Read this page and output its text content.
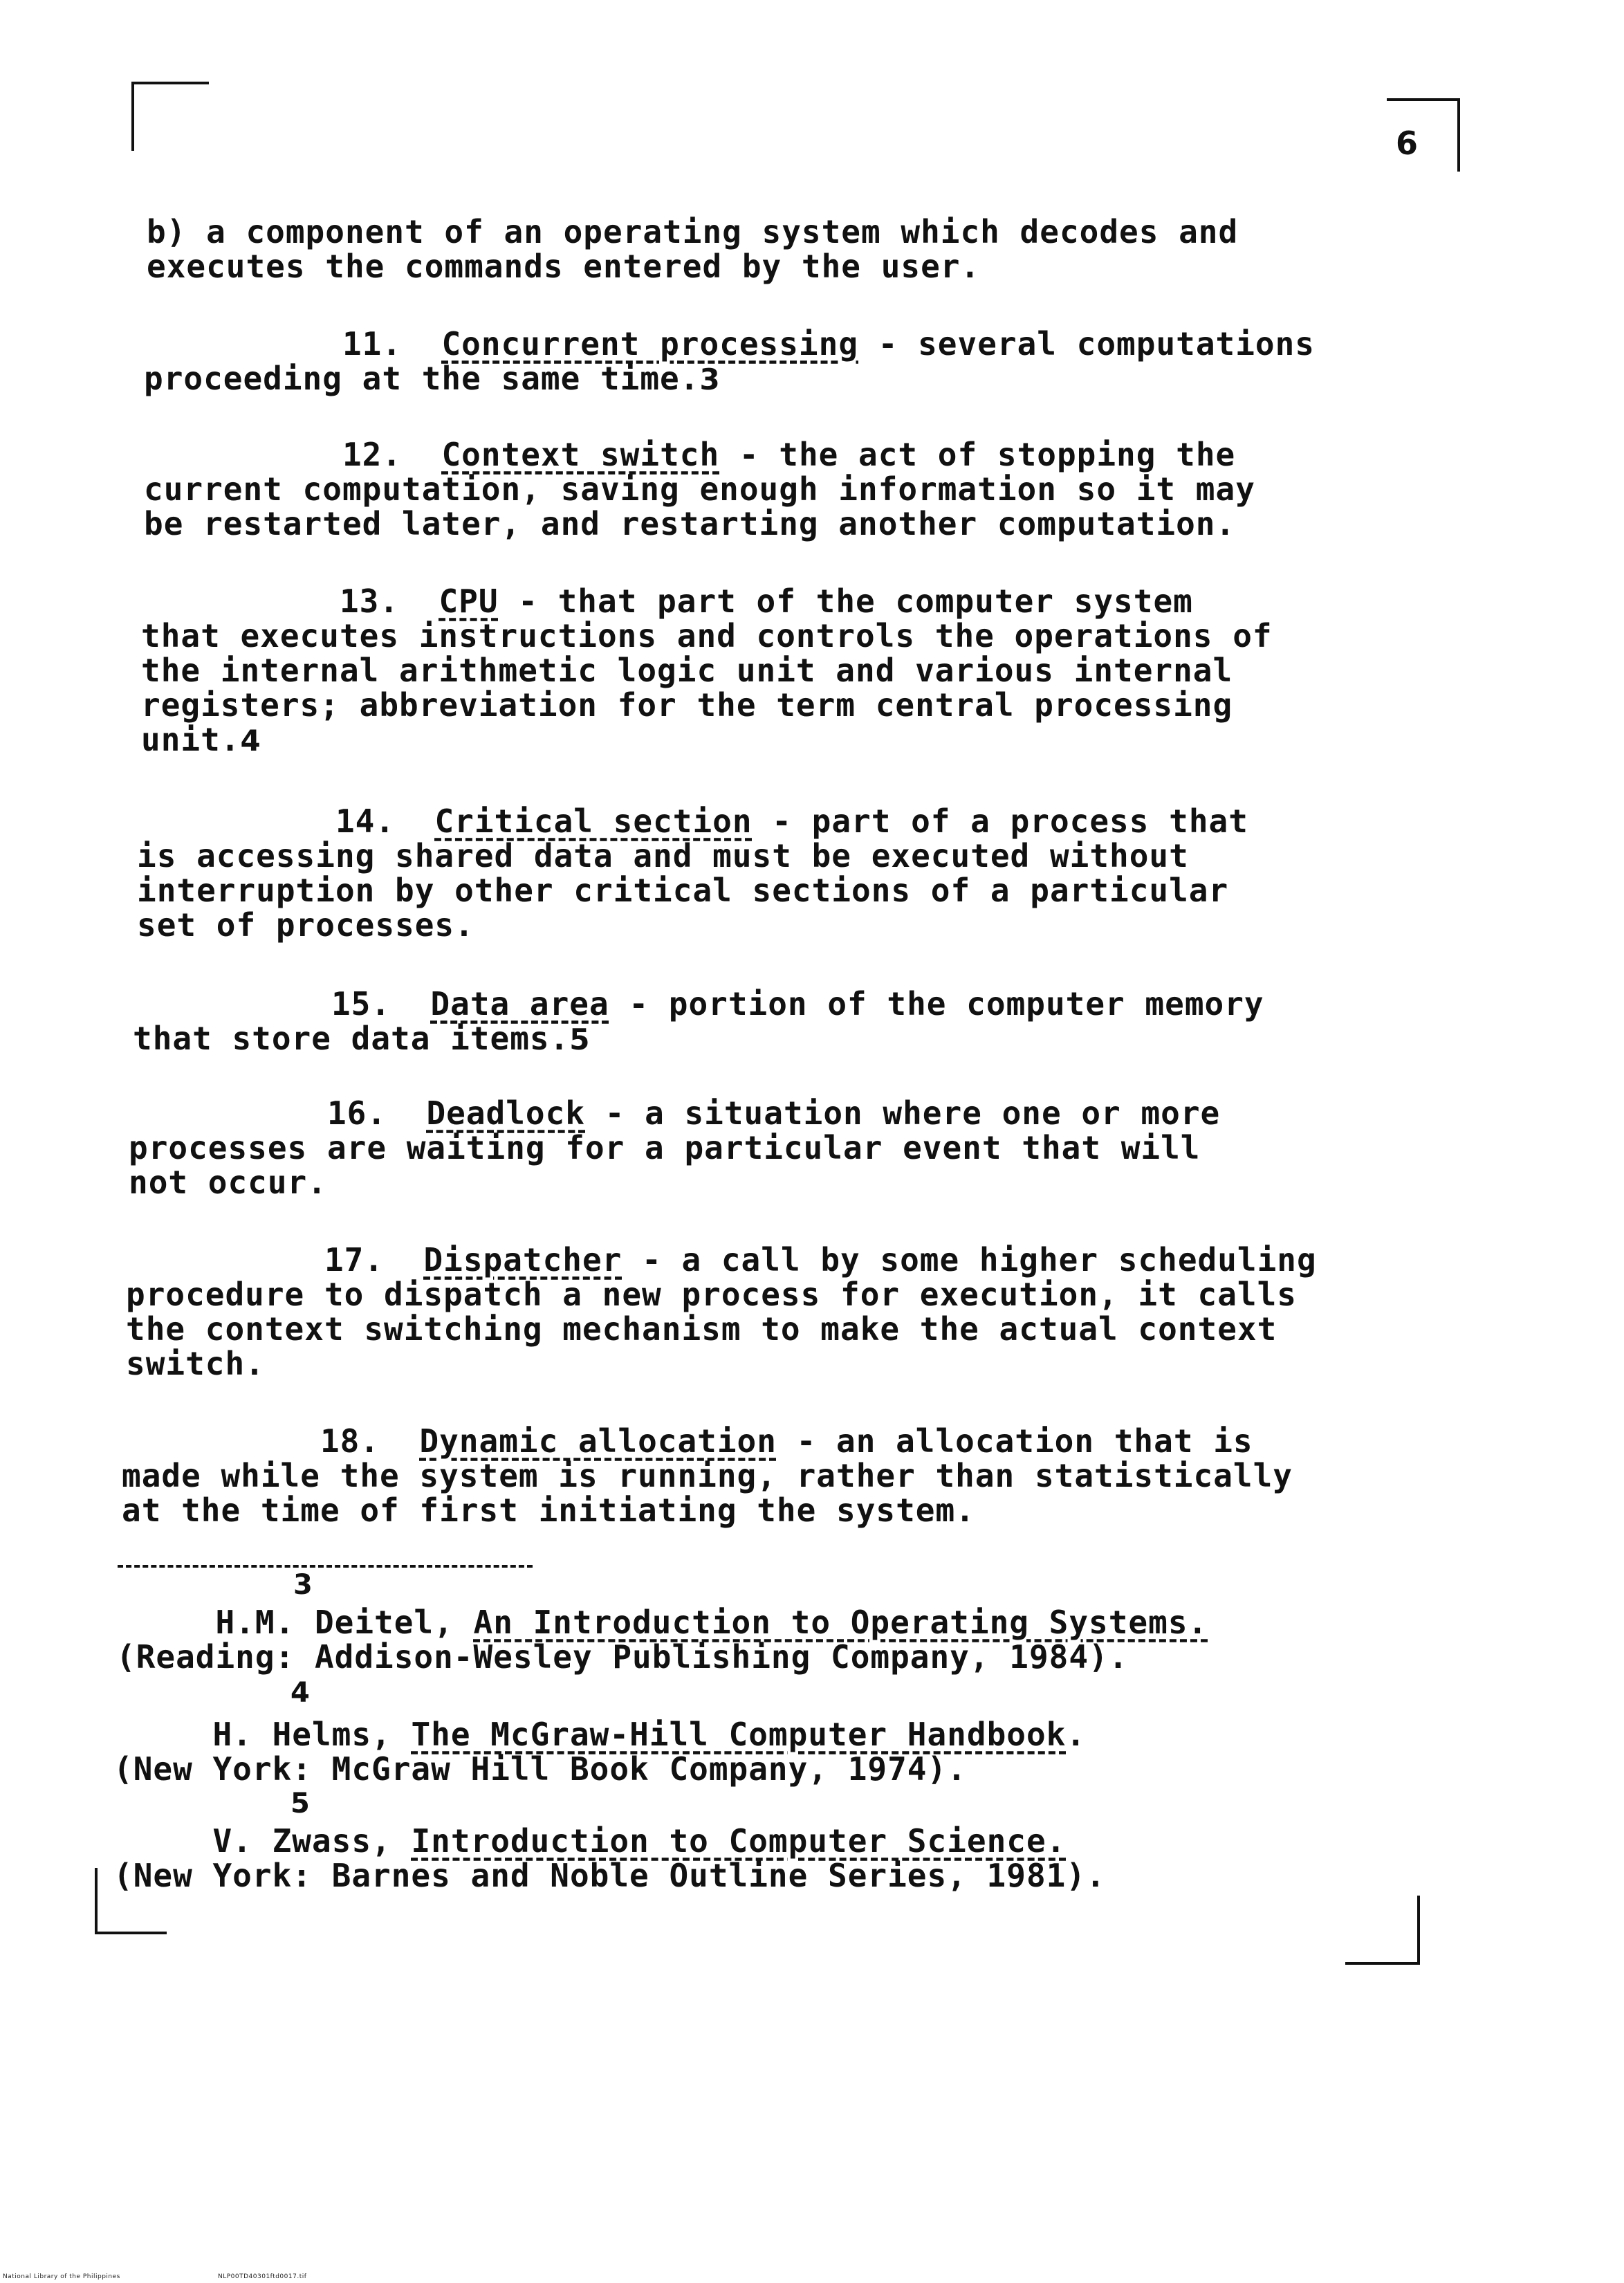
6
b) a component of an operating system which decodes and
executes the commands entered by the user.
11. Concurrent processing - several computations
proceeding at the same time.3
12. Context switch - the act of stopping the
current computation, saving enough information so it may
be restarted later, and restarting another computation.
13. CPU - that part of the computer system
that executes instructions and controls the operations of
the internal arithmetic logic unit and various internal
registers; abbreviation for the term central processing
unit.4
14. Critical section - part of a process that
is accessing shared data and must be executed without
interruption by other critical sections of a particular
set of processes.
15. Data area - portion of the computer memory
that store data items.5
16. Deadlock - a situation where one or more
processes are waiting for a particular event that will
not occur.
17. Dispatcher - a call by some higher scheduling
procedure to dispatch a new process for execution, it calls
the context switching mechanism to make the actual context
switch.
18. Dynamic allocation - an allocation that is
made while the system is running, rather than statistically
at the time of first initiating the system.
3
H.M. Deitel, An Introduction to Operating Systems.
(Reading: Addison-Wesley Publishing Company, 1984).
4
H. Helms, The McGraw-Hill Computer Handbook.
(New York: McGraw Hill Book Company, 1974).
5
V. Zwass, Introduction to Computer Science.
(New York: Barnes and Noble Outline Series, 1981).
National Library of the Philippines	NLP00TD40301ftd0017.tif
